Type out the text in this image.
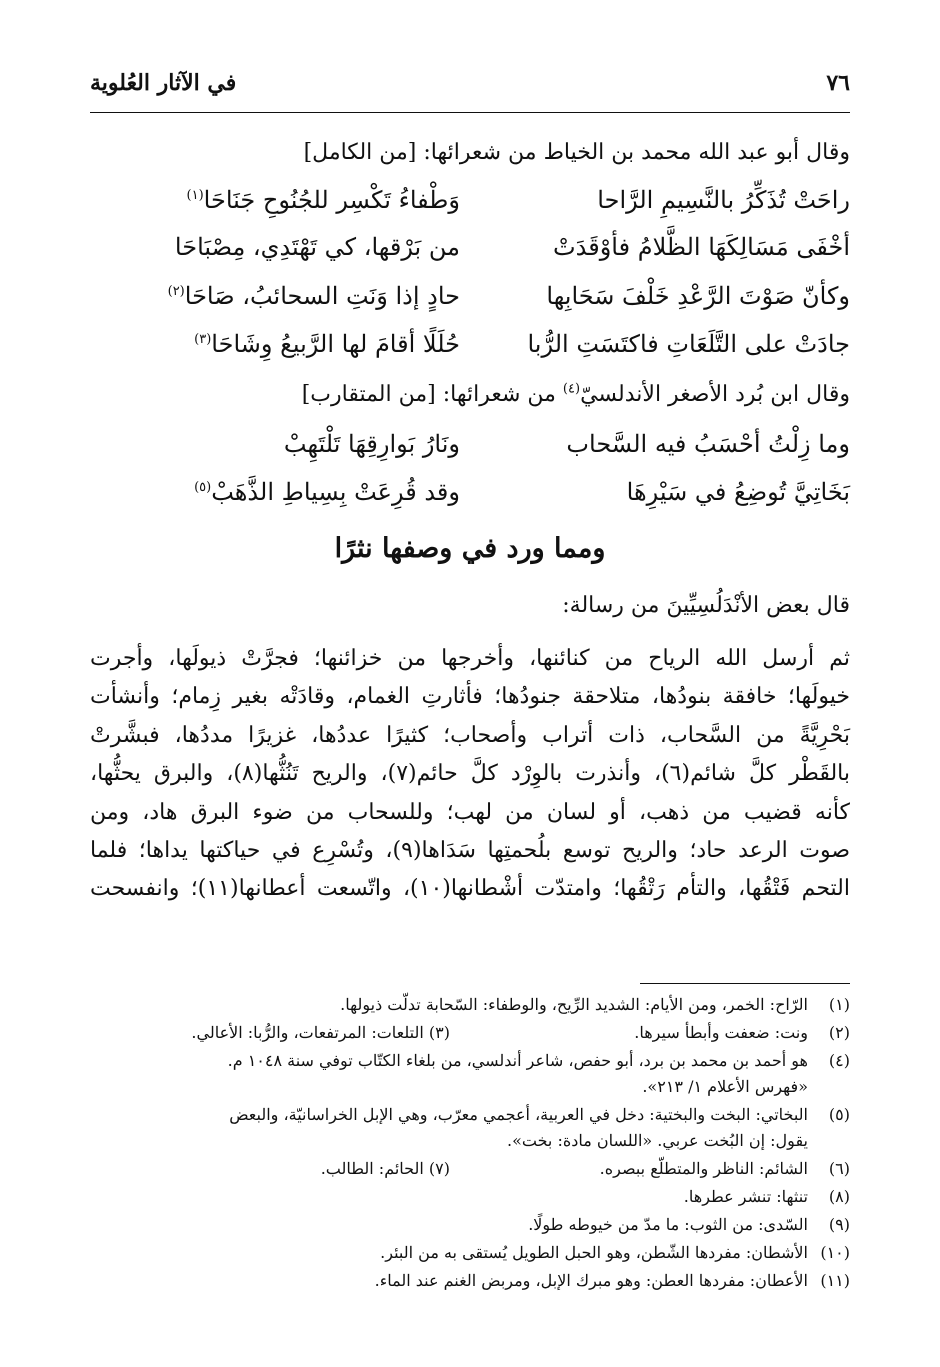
٧٦
في الآثار العُلوية
وقال أبو عبد الله محمد بن الخياط من شعرائها: [من الكامل]
راحَتْ تُذَكِّرُ بالنَّسِيمِ الرَّاحا
وَطْفاءُ تَكْسِر للجُنُوحِ جَنَاحَا$^{(١)}$
أخْفَى مَسَالِكَهَا الظَّلامُ فأوْقَدَتْ
من بَرْقها، كي تَهْتَدِي، مِصْبَاحَا
وكأنّ صَوْتَ الرَّعْدِ خَلْفَ سَحَابِها
حادٍ إذا وَنَتِ السحائبُ، صَاحَا$^{(٢)}$
جادَتْ على التَّلَعَاتِ فاكتَسَتِ الرُّبا
حُلَلًا أقامَ لها الرَّبيعُ وِشَاحَا$^{(٣)}$
وقال ابن بُرد الأصغر الأندلسيّ$^{(٤)}$ من شعرائها: [من المتقارب]
وما زِلْتُ أحْسَبُ فيه السَّحاب
ونَارُ بَوارِقِهَا تَلْتَهِبْ
بَخَاتِيَّ تُوضِعُ في سَيْرِهَا
وقد قُرِعَتْ بِسِياطِ الذَّهَبْ$^{(٥)}$
ومما ورد في وصفها نثرًا
قال بعض الأنْدَلُسِيِّينَ من رسالة:
ثم أرسل الله الرياح من كنائنها، وأخرجها من خزائنها؛ فجرَّتْ ذيولَها، وأجرت
خيولَها؛ خافقة بنودُها، متلاحقة جنودُها؛ فأثارتِ الغمام، وقادَتْه بغير زِمام؛ وأنشأت
بَحْرِيَّةً من السَّحاب، ذات أتراب وأصحاب؛ كثيرًا عددُها، غزيرًا مددُها، فبشَّرتْ
بالقَطْر كلَّ شائم(٦)، وأنذرت بالوِرْد كلَّ حائم(٧)، والريح تَنُثُّها(٨)، والبرق يحثُّها،
كأنه قضيب من ذهب، أو لسان من لهب؛ وللسحاب من ضوء البرق هاد، ومن
صوت الرعد حاد؛ والريح توسع بلُحمتِها سَدَاها(٩)، وتُسْرِع في حياكتها يداها؛ فلما
التحم فَتْقُها، والتأم رَتْقُها؛ وامتدّت أشْطانها(١٠)، واتّسعت أعطانها(١١)؛ وانفسحت
(١)
الرّاح: الخمر، ومن الأيام: الشديد الرِّيح، والوطفاء: السّحابة تدلّت ذيولها.
(٢)
ونت: ضعفت وأبطأ سيرها.
(٣) التلعات: المرتفعات، والرُّبا: الأعالي.
(٤)
هو أحمد بن محمد بن برد، أبو حفص، شاعر أندلسي، من بلغاء الكتّاب توفي سنة ١٠٤٨ م.
«فهرس الأعلام ١/ ٢١٣».
(٥)
البخاتي: البخت والبختية: دخل في العربية، أعجمي معرّب، وهي الإبل الخراسانيّة، والبعض
يقول: إن البُخت عربي. «اللسان مادة: بخت».
(٦)
الشائم: الناظر والمتطلّع ببصره.
(٧) الحائم: الطالب.
(٨)
تنثها: تنشر عطرها.
(٩)
السّدى: من الثوب: ما مدّ من خيوطه طولًا.
(١٠)
الأشطان: مفردها الشّطن، وهو الحبل الطويل يُستقى به من البئر.
(١١)
الأعطان: مفردها العطن: وهو مبرك الإبل، ومربض الغنم عند الماء.
